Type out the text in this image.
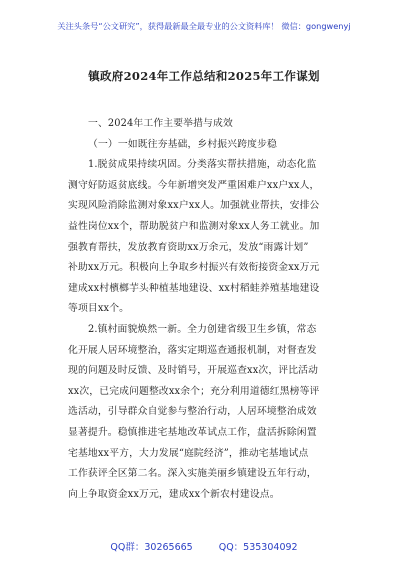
关注头条号“公文研究”，获得最新最全最专业的公文资料库！ 微信：gongwenyj
镇政府2024年工作总结和2025年工作谋划
一、2024年工作主要举措与成效
（一）一如既往夯基础，乡村振兴跨度步稳
1.脱贫成果持续巩固。分类落实帮扶措施，动态化监
测守好防返贫底线。今年新增突发严重困难户xx户xx人，
实现风险消除监测对象xx户xx人。加强就业帮扶，安排公
益性岗位xx个，帮助脱贫户和监测对象xx人务工就业。加
强教育帮扶，发放教育资助xx万余元，发放“雨露计划”
补助xx万元。积极向上争取乡村振兴有效衔接资金xx万元
建成xx村檳榔芋头种植基地建设、xx村稻蛙养殖基地建设
等项目xx个。
2.镇村面貌焕然一新。全力创建省级卫生乡镇，常态
化开展人居环境整治，落实定期巡查通报机制，对督查发
现的问题及时反馈、及时销号，开展巡查xx次，评比活动
xx次，已完成问题整改xx余个；充分利用道德红黑榜等评
选活动，引导群众自觉参与整治行动，人居环境整治成效
显著提升。稳慎推进宅基地改革试点工作，盘活拆除闲置
宅基地xx平方，大力发展“庭院经济”，推动宅基地试点
工作获评全区第二名。深入实施美丽乡镇建设五年行动，
向上争取资金xx万元，建成xx个新农村建设点。
QQ群：30265665	QQ：535304092
